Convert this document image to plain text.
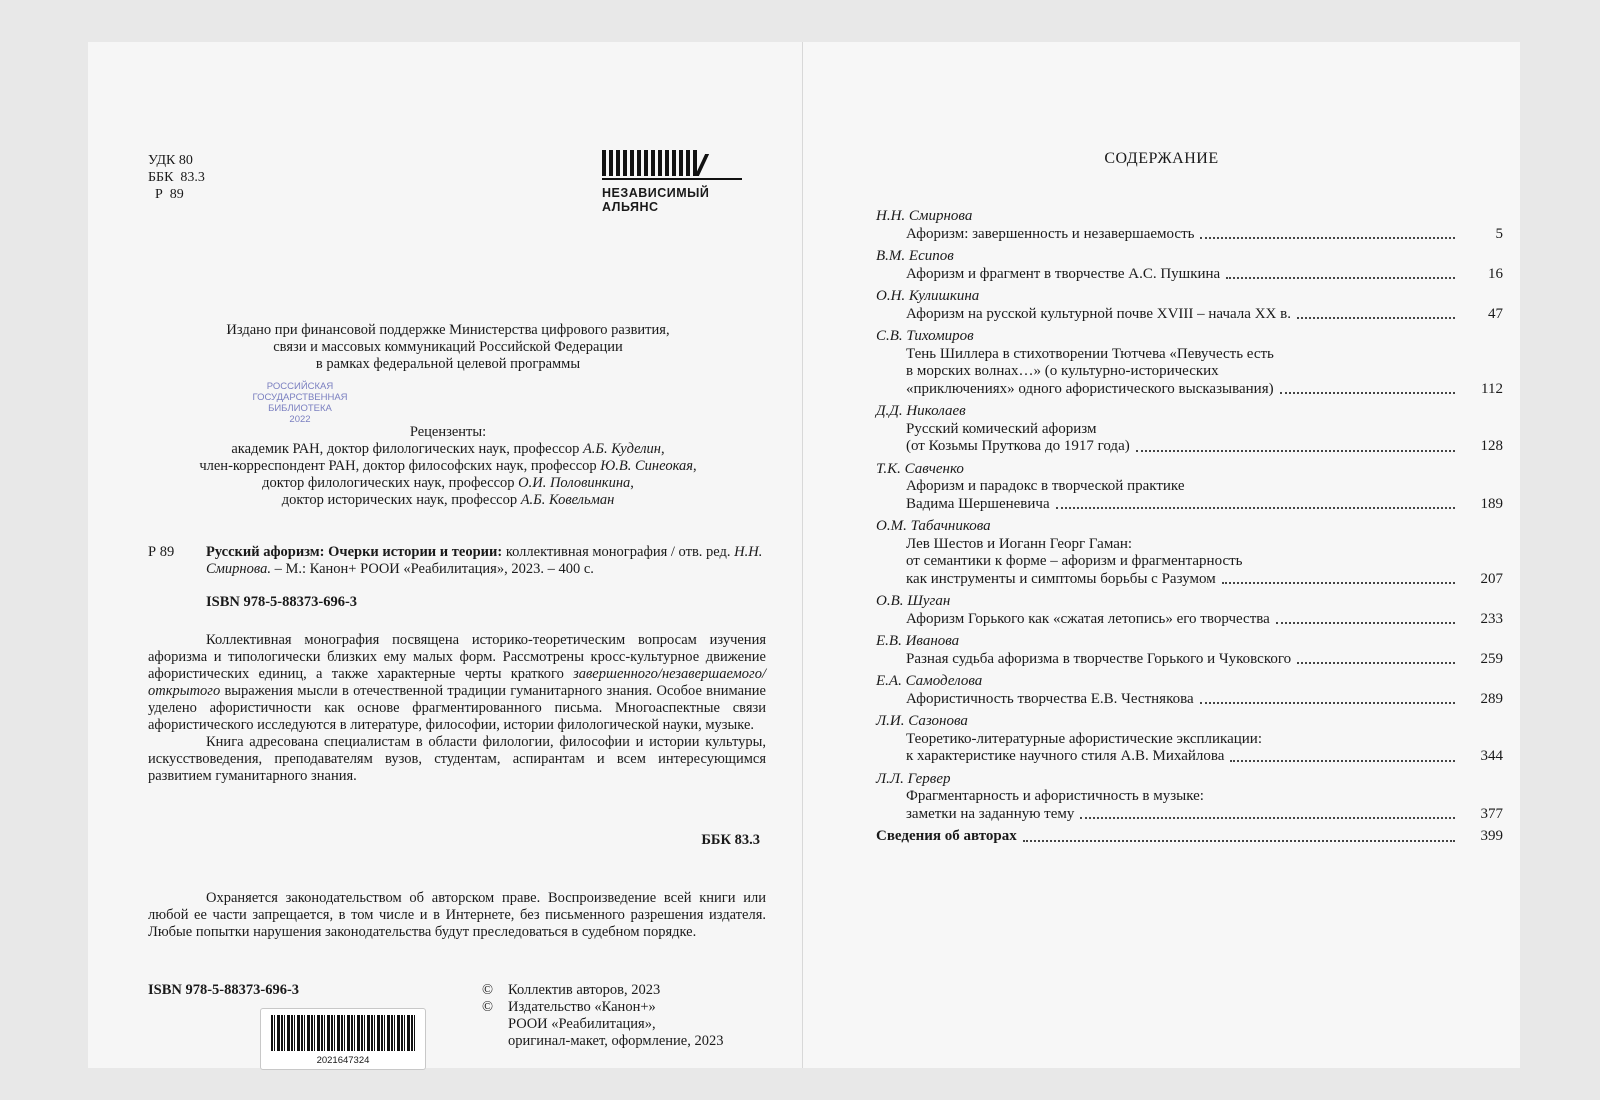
УДК 80
ББК  83.3
Р  89	НЕЗАВИСИМЫЙ
АЛЬЯНС
Издано при финансовой поддержке Министерства цифрового развития,
связи и массовых коммуникаций Российской Федерации
в рамках федеральной целевой программы
РОССИЙСКАЯ
ГОСУДАРСТВЕННАЯ
БИБЛИОТЕКА
2022
Рецензенты:
академик РАН, доктор филологических наук, профессор А.Б. Куделин,
член-корреспондент РАН, доктор философских наук, профессор Ю.В. Синеокая,
доктор филологических наук, профессор О.И. Половинкина,
доктор исторических наук, профессор А.Б. Ковельман
Р 89 Русский афоризм: Очерки истории и теории: коллективная монография / отв. ред. Н.Н. Смирнова. – М.: Канон+ РООИ «Реабилитация», 2023. – 400 с.
ISBN 978-5-88373-696-3

Коллективная монография посвящена историко-теоретическим вопросам изучения афоризма и типологически близких ему малых форм. Рассмотрены кросс-культурное движение афористических единиц, а также характерные черты краткого завершенного/незавершаемого/открытого выражения мысли в отечественной традиции гуманитарного знания. Особое внимание уделено афористичности как основе фрагментированного письма. Многоаспектные связи афористического исследуются в литературе, философии, истории филологической науки, музыке.

Книга адресована специалистам в области филологии, философии и истории культуры, искусствоведения, преподавателям вузов, студентам, аспирантам и всем интересующимся развитием гуманитарного знания.

ББК 83.3

Охраняется законодательством об авторском праве. Воспроизведение всей книги или любой ее части запрещается, в том числе и в Интернете, без письменного разрешения издателя. Любые попытки нарушения законодательства будут преследоваться в судебном порядке.

ISBN 978-5-88373-696-3	©	Коллектив авторов, 2023
©	Издательство «Канон+»
РООИ «Реабилитация»,
оригинал-макет, оформление, 2023
2021647324
СОДЕРЖАНИЕ
Н.Н. Смирнова
Афоризм: завершенность и незавершаемость	5
В.М. Есипов
Афоризм и фрагмент в творчестве А.С. Пушкина	16
О.Н. Кулишкина
Афоризм на русской культурной почве XVIII – начала XX в.	47
С.В. Тихомиров
Тень Шиллера в стихотворении Тютчева «Певучесть есть
в морских волнах…» (о культурно-исторических
«приключениях» одного афористического высказывания)	112
Д.Д. Николаев
Русский комический афоризм
(от Козьмы Пруткова до 1917 года)	128
Т.К. Савченко
Афоризм и парадокс в творческой практике
Вадима Шершеневича	189
О.М. Табачникова
Лев Шестов и Иоганн Георг Гаман:
от семантики к форме – афоризм и фрагментарность
как инструменты и симптомы борьбы с Разумом	207
О.В. Шуган
Афоризм Горького как «сжатая летопись» его творчества	233
Е.В. Иванова
Разная судьба афоризма в творчестве Горького и Чуковского	259
Е.А. Самоделова
Афористичность творчества Е.В. Честнякова	289
Л.И. Сазонова
Теоретико-литературные афористические экспликации:
к характеристике научного стиля А.В. Михайлова	344
Л.Л. Гервер
Фрагментарность и афористичность в музыке:
заметки на заданную тему	377
Сведения об авторах	399
